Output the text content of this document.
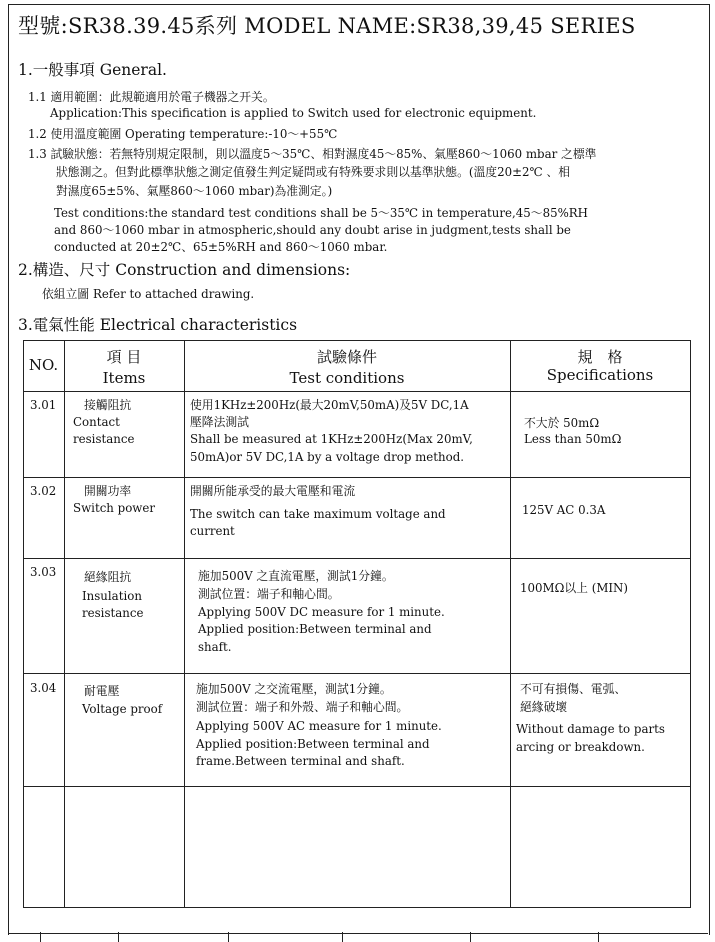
型號:SR38.39.45系列 MODEL NAME:SR38,39,45 SERIES
1.一般事項 General.
1.1 適用範圍：此規範適用於電子機器之开关。
Application:This specification is applied to Switch used for electronic equipment.
1.2 使用溫度範圍 Operating temperature:-10～+55℃
1.3 試驗狀態：若無特別規定限制，則以溫度5～35℃、相對濕度45～85%、氣壓860～1060 mbar 之標準
狀態測之。但對此標準狀態之測定值發生判定疑問或有特殊要求則以基準狀態。(溫度20±2℃ 、相
對濕度65±5%、氣壓860～1060 mbar)為准測定。)
Test conditions:the standard test conditions shall be 5～35℃ in temperature,45～85%RH
and 860～1060 mbar in atmospheric,should any doubt arise in judgment,tests shall be
conducted at 20±2℃、65±5%RH and 860～1060 mbar.
2.構造、尺寸 Construction and dimensions:
依組立圖 Refer to attached drawing.
3.電氣性能 Electrical characteristics
NO.	項 目
Items
試驗條件
Test conditions
規　格
Specifications
3.01 接觸阻抗
Contact
resistance
使用1KHz±200Hz(最大20mV,50mA)及5V DC,1A
壓降法測試
Shall be measured at 1KHz±200Hz(Max 20mV,
50mA)or 5V DC,1A by a voltage drop method.
不大於 50mΩ
Less than 50mΩ
3.02 開關功率
Switch power
開關所能承受的最大電壓和電流
The switch can take maximum voltage and
current
125V AC 0.3A
3.03 絕緣阻抗
Insulation
resistance
施加500V 之直流電壓，測試1分鐘。
測試位置：端子和軸心間。
Applying 500V DC measure for 1 minute.
Applied position:Between terminal and
shaft.
100MΩ以上 (MIN)
3.04 耐電壓
Voltage proof
施加500V 之交流電壓，測試1分鐘。
測試位置：端子和外殼、端子和軸心間。
Applying 500V AC measure for 1 minute.
Applied position:Between terminal and
frame.Between terminal and shaft.
不可有損傷、電弧、
絕緣破壞
Without damage to parts
arcing or breakdown.
